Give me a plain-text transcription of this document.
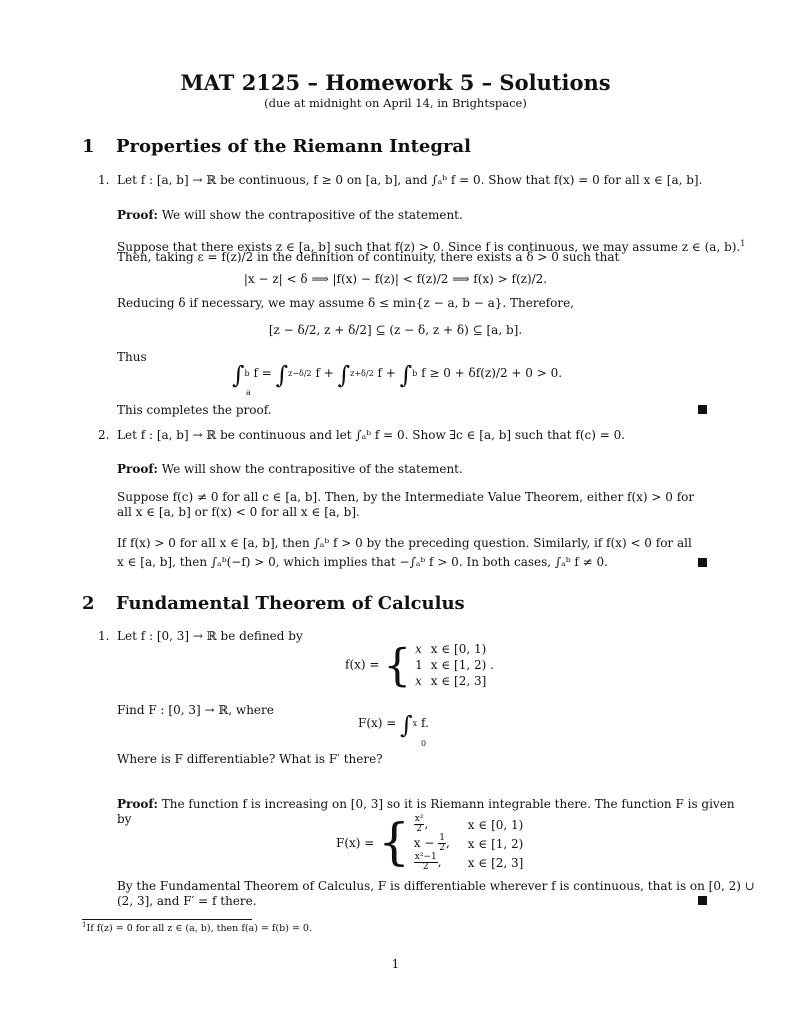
MAT 2125 – Homework 5 – Solutions
(due at midnight on April 14, in Brightspace)
1 Properties of the Riemann Integral
1. Let f : [a, b] → ℝ be continuous, f ≥ 0 on [a, b], and ∫ₐᵇ f = 0. Show that f(x) = 0 for all x ∈ [a, b].
Proof: We will show the contrapositive of the statement.
Suppose that there exists z ∈ [a, b] such that f(z) > 0. Since f is continuous, we may assume z ∈ (a, b).$^1$
Then, taking ε = f(z)/2 in the definition of continuity, there exists a δ > 0 such that
|x − z| < δ ⟹ |f(x) − f(z)| < f(z)/2 ⟹ f(x) > f(z)/2.
Reducing δ if necessary, we may assume δ ≤ min{z − a, b − a}. Therefore,
[z − δ/2, z + δ/2] ⊆ (z − δ, z + δ) ⊆ [a, b].
Thus
∫b f = ∫z−δ/2 f + ∫z+δ/2 f + ∫b f ≥ 0 + δf(z)/2 + 0 > 0.
a
This completes the proof.
2. Let f : [a, b] → ℝ be continuous and let ∫ₐᵇ f = 0. Show ∃c ∈ [a, b] such that f(c) = 0.
Proof: We will show the contrapositive of the statement.
Suppose f(c) ≠ 0 for all c ∈ [a, b]. Then, by the Intermediate Value Theorem, either f(x) > 0 for
all x ∈ [a, b] or f(x) < 0 for all x ∈ [a, b].
If f(x) > 0 for all x ∈ [a, b], then ∫ₐᵇ f > 0 by the preceding question. Similarly, if f(x) < 0 for all
x ∈ [a, b], then ∫ₐᵇ(−f) > 0, which implies that −∫ₐᵇ f > 0. In both cases, ∫ₐᵇ f ≠ 0.
2 Fundamental Theorem of Calculus
1. Let f : [0, 3] → ℝ be defined by
f(x) = { x	x ∈ [0, 1)
1	x ∈ [1, 2) .
x	x ∈ [2, 3]
Find F : [0, 3] → ℝ, where
F(x) = ∫x f.
0
Where is F differentiable? What is F′ there?
Proof: The function f is increasing on [0, 3] so it is Riemann integrable there. The function F is given
by
F(x) = { $\frac{\text{x²}}{2}$,	x ∈ [0, 1)
$x - \frac{1}{2}$,	x ∈ [1, 2)

$\frac{\text{x²−1}}{2}$,	x ∈ [2, 3]
By the Fundamental Theorem of Calculus, F is differentiable wherever f is continuous, that is on [0, 2) ∪
(2, 3], and F′ = f there.
$^1$If f(z) = 0 for all z ∈ (a, b), then f(a) = f(b) = 0.
1
